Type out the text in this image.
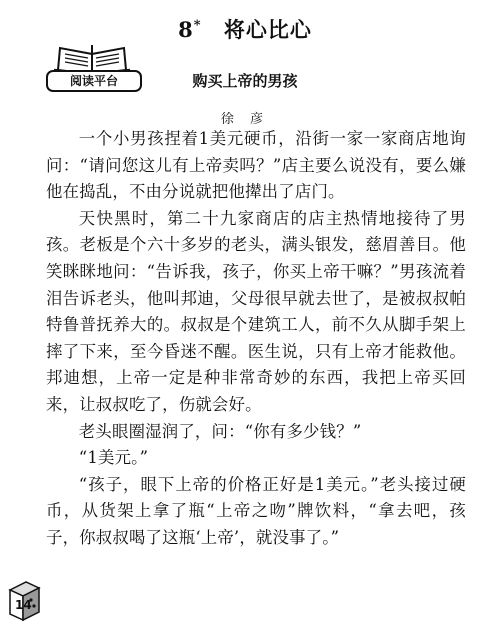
8* 将心比心
阅读平台	购买上帝的男孩
徐 彦

一个小男孩捏着1美元硬币，沿街一家一家商店地询问：“请问您这儿有上帝卖吗？”店主要么说没有，要么嫌他在捣乱，不由分说就把他撵出了店门。

天快黑时，第二十九家商店的店主热情地接待了男孩。老板是个六十多岁的老头，满头银发，慈眉善目。他笑眯眯地问：“告诉我，孩子，你买上帝干嘛？”男孩流着泪告诉老头，他叫邦迪，父母很早就去世了，是被叔叔帕特鲁普抚养大的。叔叔是个建筑工人，前不久从脚手架上摔了下来，至今昏迷不醒。医生说，只有上帝才能救他。邦迪想，上帝一定是种非常奇妙的东西，我把上帝买回来，让叔叔吃了，伤就会好。

老头眼圈湿润了，问：“你有多少钱？”

“1美元。”

“孩子，眼下上帝的价格正好是1美元。”老头接过硬币，从货架上拿了瓶“上帝之吻”牌饮料，“拿去吧，孩子，你叔叔喝了这瓶‘上帝’，就没事了。”

14
